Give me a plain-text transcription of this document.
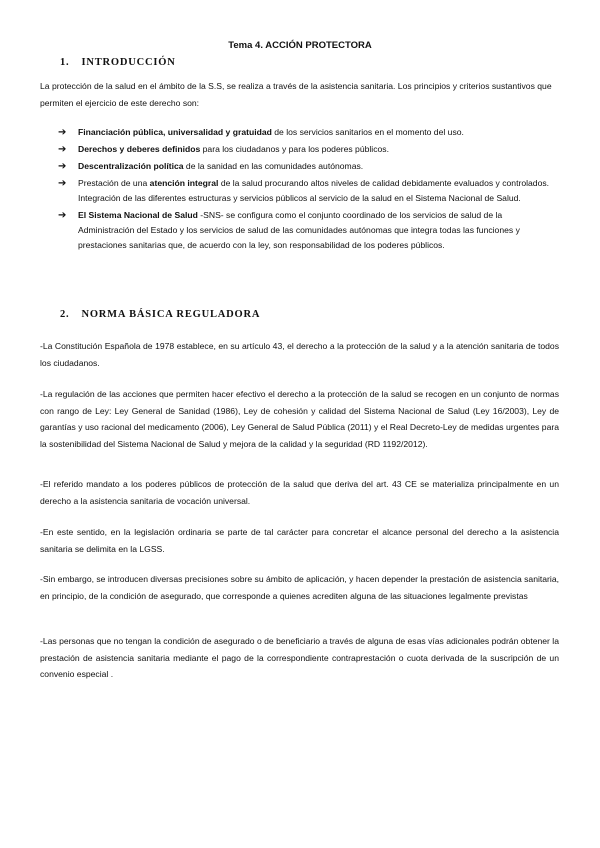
Tema 4. ACCIÓN PROTECTORA
1. INTRODUCCIÓN
La protección de la salud en el ámbito de la S.S, se realiza a través de la asistencia sanitaria. Los principios y criterios sustantivos que permiten el ejercicio de este derecho son:
➔ Financiación pública, universalidad y gratuidad de los servicios sanitarios en el momento del uso.
➔ Derechos y deberes definidos para los ciudadanos y para los poderes públicos.
➔ Descentralización política de la sanidad en las comunidades autónomas.
➔ Prestación de una atención integral de la salud procurando altos niveles de calidad debidamente evaluados y controlados. Integración de las diferentes estructuras y servicios públicos al servicio de la salud en el Sistema Nacional de Salud.
➔ El Sistema Nacional de Salud -SNS- se configura como el conjunto coordinado de los servicios de salud de la Administración del Estado y los servicios de salud de las comunidades autónomas que integra todas las funciones y prestaciones sanitarias que, de acuerdo con la ley, son responsabilidad de los poderes públicos.
2. NORMA BÁSICA REGULADORA
-La Constitución Española de 1978 establece, en su artículo 43, el derecho a la protección de la salud y a la atención sanitaria de todos los ciudadanos.
-La regulación de las acciones que permiten hacer efectivo el derecho a la protección de la salud se recogen en un conjunto de normas con rango de Ley: Ley General de Sanidad (1986), Ley de cohesión y calidad del Sistema Nacional de Salud (Ley 16/2003), Ley de garantías y uso racional del medicamento (2006), Ley General de Salud Pública (2011) y el Real Decreto-Ley de medidas urgentes para la sostenibilidad del Sistema Nacional de Salud y mejora de la calidad y la seguridad (RD 1192/2012).
-El referido mandato a los poderes públicos de protección de la salud que deriva del art. 43 CE se materializa principalmente en un derecho a la asistencia sanitaria de vocación universal.
-En este sentido, en la legislación ordinaria se parte de tal carácter para concretar el alcance personal del derecho a la asistencia sanitaria se delimita en la LGSS.
-Sin embargo, se introducen diversas precisiones sobre su ámbito de aplicación, y hacen depender la prestación de asistencia sanitaria, en principio, de la condición de asegurado, que corresponde a quienes acrediten alguna de las situaciones legalmente previstas
-Las personas que no tengan la condición de asegurado o de beneficiario a través de alguna de esas vías adicionales podrán obtener la prestación de asistencia sanitaria mediante el pago de la correspondiente contraprestación o cuota derivada de la suscripción de un convenio especial .
